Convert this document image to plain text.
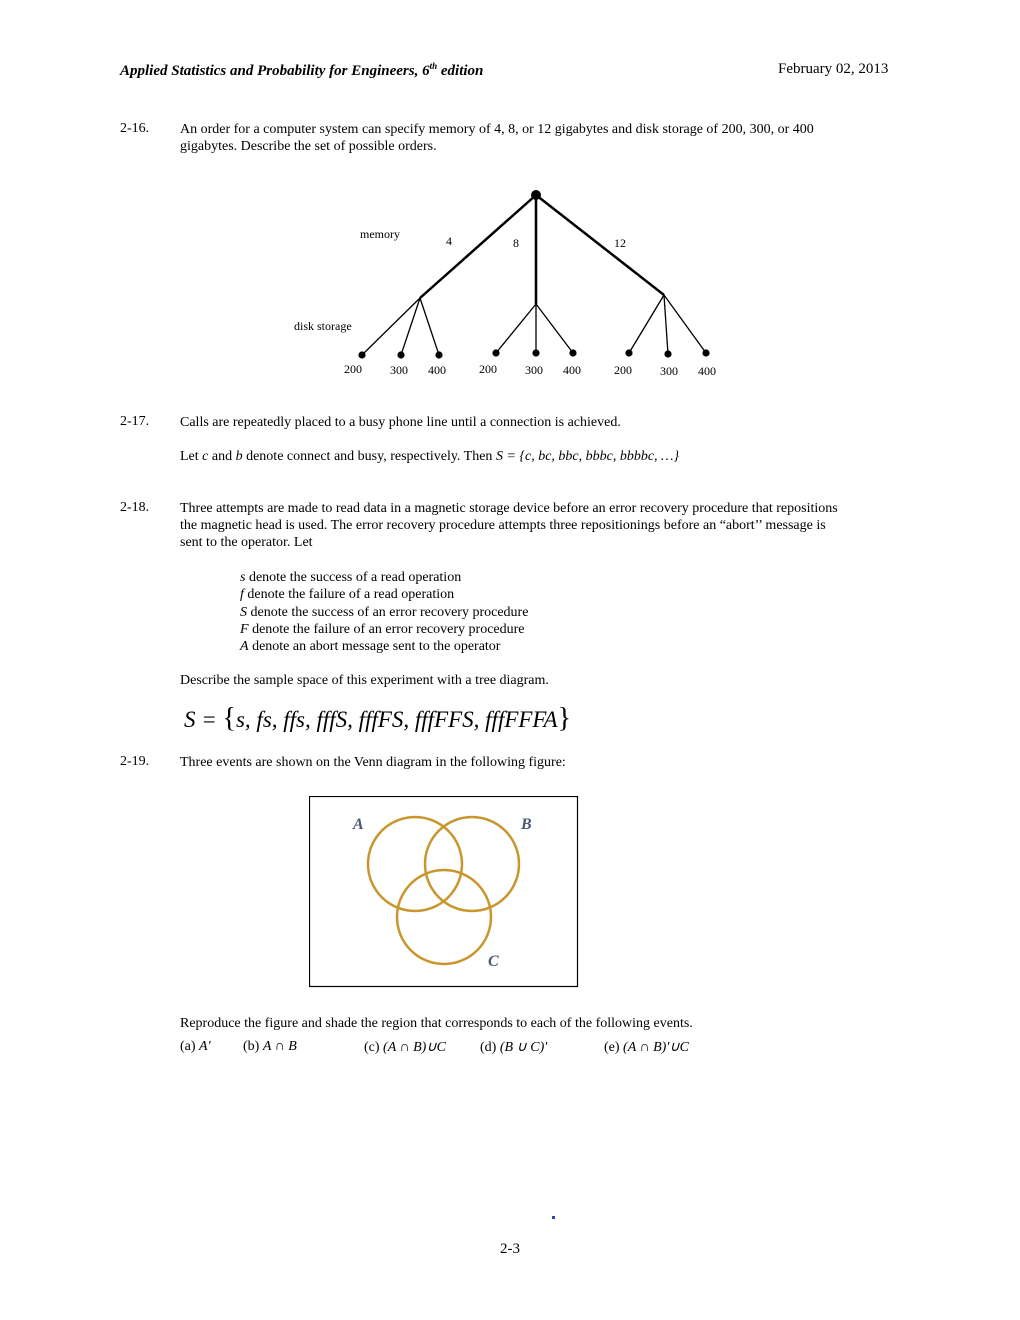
Applied Statistics and Probability for Engineers, 6th edition	February 02, 2013
2-16. An order for a computer system can specify memory of 4, 8, or 12 gigabytes and disk storage of 200, 300, or 400
gigabytes. Describe the set of possible orders.
memory	4	8	12
disk storage
200 300 400	200 300 400	200 300 400
2-17. Calls are repeatedly placed to a busy phone line until a connection is achieved.
Let c and b denote connect and busy, respectively. Then S = {c, bc, bbc, bbbc, bbbbc, …}
2-18. Three attempts are made to read data in a magnetic storage device before an error recovery procedure that repositions
the magnetic head is used. The error recovery procedure attempts three repositionings before an “abort’’ message is
sent to the operator. Let
s denote the success of a read operation
f denote the failure of a read operation
S denote the success of an error recovery procedure
F denote the failure of an error recovery procedure
A denote an abort message sent to the operator
Describe the sample space of this experiment with a tree diagram.
S = {s, fs, ffs, fffS, fffFS, fffFFS, fffFFFA}
2-19. Three events are shown on the Venn diagram in the following figure:
A	B
C
Reproduce the figure and shade the region that corresponds to each of the following events.
(a) A′ (b) A ∩ B	(c) (A ∩ B)∪C (d) (B ∪ C)′	(e) (A ∩ B)′∪C
2-3
